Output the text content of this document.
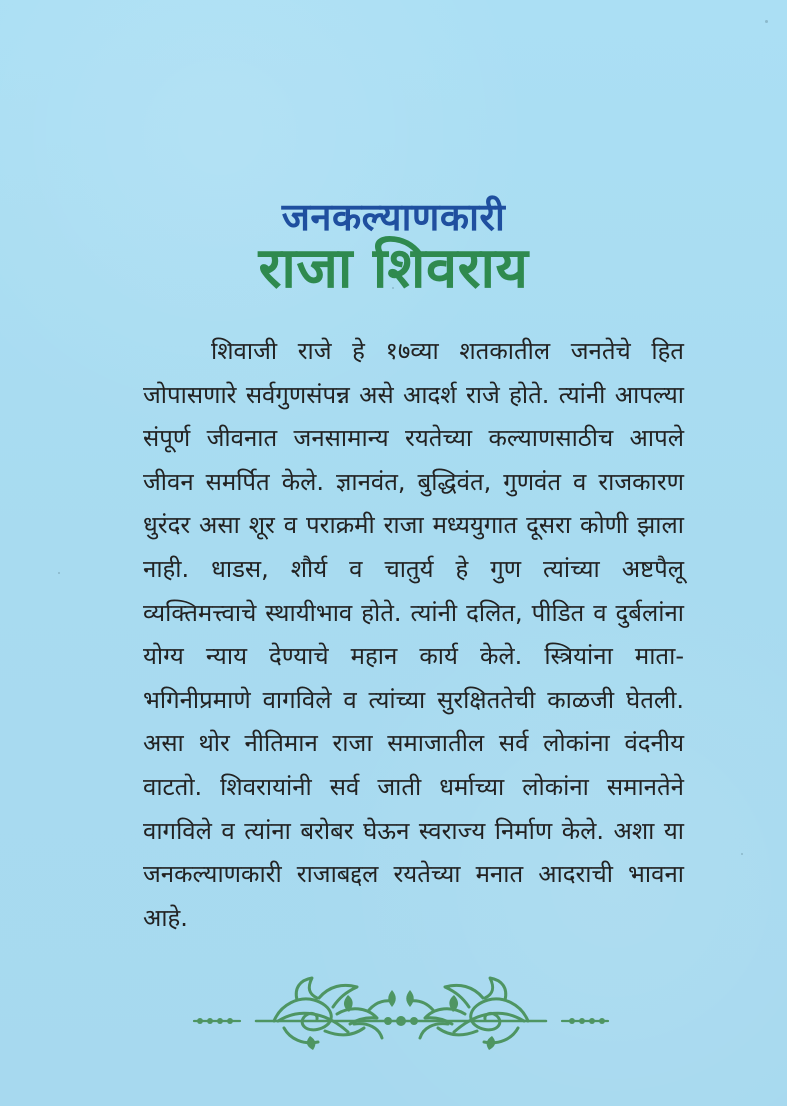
जनकल्याणकारी
राजा शिवराय

शिवाजी राजे हे १७व्या शतकातील जनतेचे हित जोपासणारे सर्वगुणसंपन्न असे आदर्श राजे होते. त्यांनी आपल्या संपूर्ण जीवनात जनसामान्य रयतेच्या कल्याणसाठीच आपले जीवन समर्पित केले. ज्ञानवंत, बुद्धिवंत, गुणवंत व राजकारण धुरंदर असा शूर व पराक्रमी राजा मध्ययुगात दूसरा कोणी झाला नाही. धाडस, शौर्य व चातुर्य हे गुण त्यांच्या अष्टपैलू व्यक्तिमत्त्वाचे स्थायीभाव होते. त्यांनी दलित, पीडित व दुर्बलांना योग्य न्याय देण्याचे महान कार्य केले. स्त्रियांना माता-भगिनीप्रमाणे वागविले व त्यांच्या सुरक्षिततेची काळजी घेतली. असा थोर नीतिमान राजा समाजातील सर्व लोकांना वंदनीय वाटतो. शिवरायांनी सर्व जाती धर्माच्या लोकांना समानतेने वागविले व त्यांना बरोबर घेऊन स्वराज्य निर्माण केले. अशा या जनकल्याणकारी राजाबद्दल रयतेच्या मनात आदराची भावना आहे.
